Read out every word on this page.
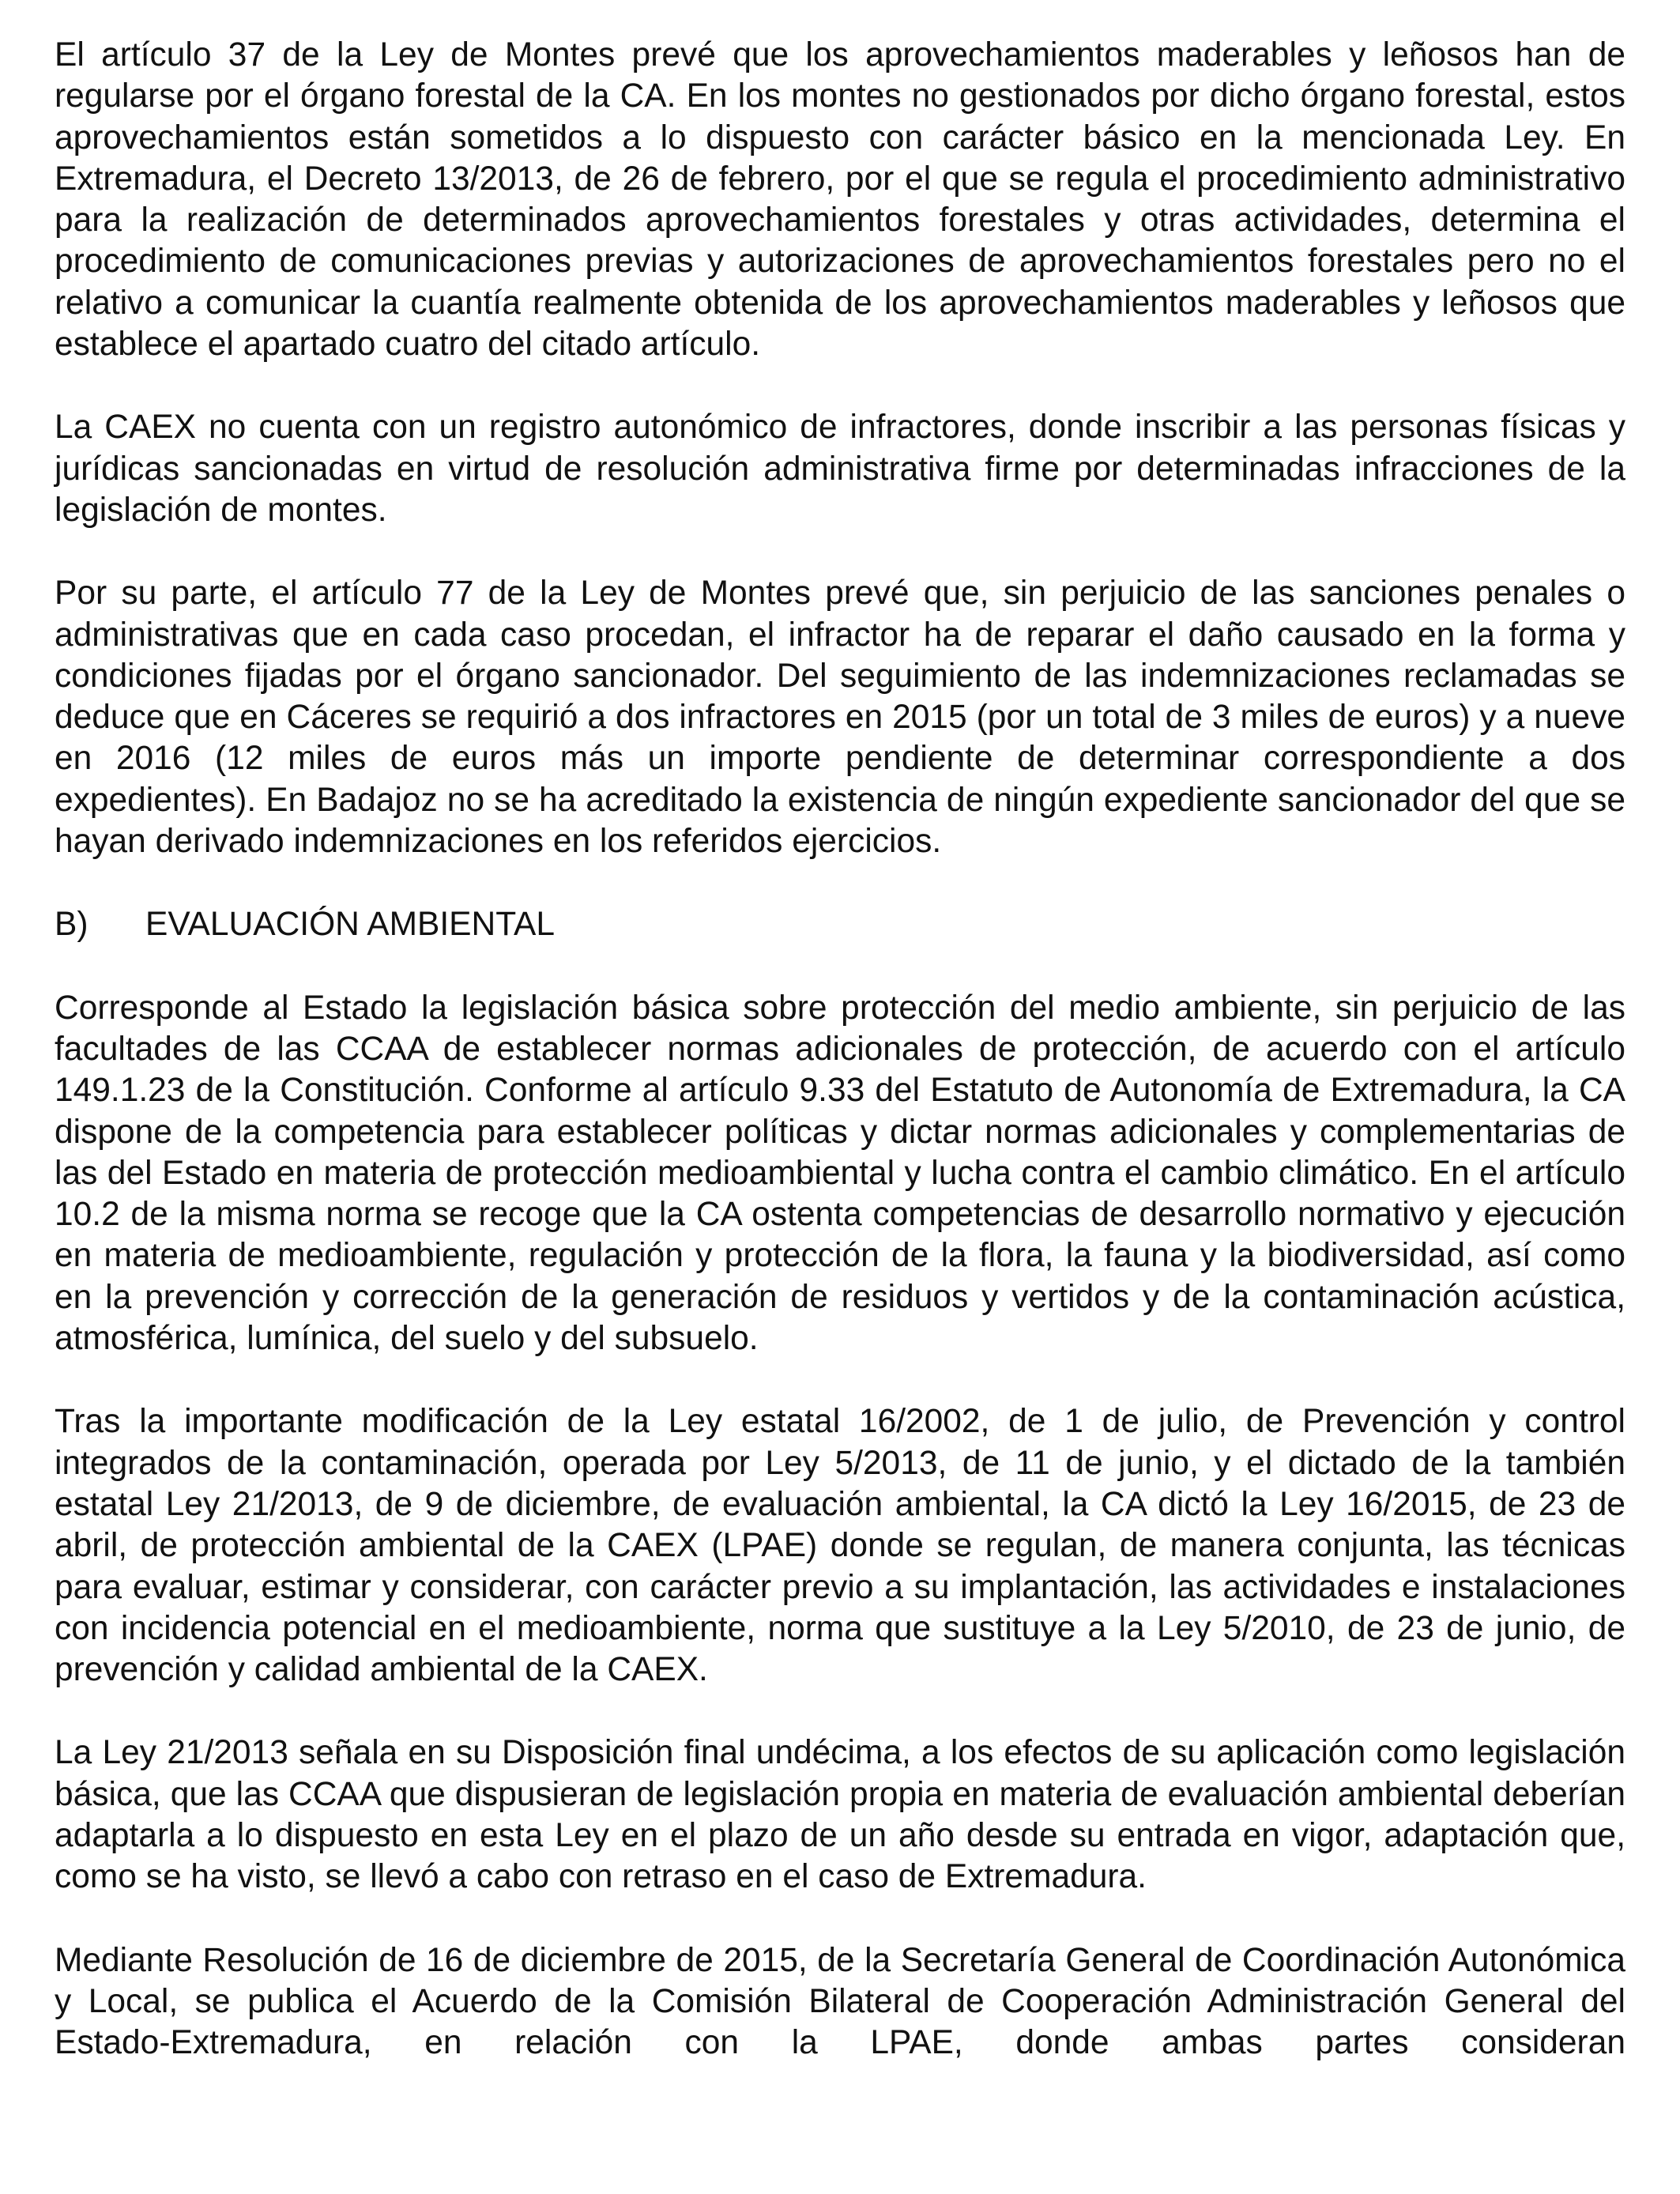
El artículo 37 de la Ley de Montes prevé que los aprovechamientos maderables y leñosos han de regularse por el órgano forestal de la CA. En los montes no gestionados por dicho órgano forestal, estos aprovechamientos están sometidos a lo dispuesto con carácter básico en la mencionada Ley. En Extremadura, el Decreto 13/2013, de 26 de febrero, por el que se regula el procedimiento administrativo para la realización de determinados aprovechamientos forestales y otras actividades, determina el procedimiento de comunicaciones previas y autorizaciones de aprovechamientos forestales pero no el relativo a comunicar la cuantía realmente obtenida de los aprovechamientos maderables y leñosos que establece el apartado cuatro del citado artículo.

La CAEX no cuenta con un registro autonómico de infractores, donde inscribir a las personas físicas y jurídicas sancionadas en virtud de resolución administrativa firme por determinadas infracciones de la legislación de montes.

Por su parte, el artículo 77 de la Ley de Montes prevé que, sin perjuicio de las sanciones penales o administrativas que en cada caso procedan, el infractor ha de reparar el daño causado en la forma y condiciones fijadas por el órgano sancionador. Del seguimiento de las indemnizaciones reclamadas se deduce que en Cáceres se requirió a dos infractores en 2015 (por un total de 3 miles de euros) y a nueve en 2016 (12 miles de euros más un importe pendiente de determinar correspondiente a dos expedientes). En Badajoz no se ha acreditado la existencia de ningún expediente sancionador del que se hayan derivado indemnizaciones en los referidos ejercicios.

B)	EVALUACIÓN AMBIENTAL

Corresponde al Estado la legislación básica sobre protección del medio ambiente, sin perjuicio de las facultades de las CCAA de establecer normas adicionales de protección, de acuerdo con el artículo 149.1.23 de la Constitución. Conforme al artículo 9.33 del Estatuto de Autonomía de Extremadura, la CA dispone de la competencia para establecer políticas y dictar normas adicionales y complementarias de las del Estado en materia de protección medioambiental y lucha contra el cambio climático. En el artículo 10.2 de la misma norma se recoge que la CA ostenta competencias de desarrollo normativo y ejecución en materia de medioambiente, regulación y protección de la flora, la fauna y la biodiversidad, así como en la prevención y corrección de la generación de residuos y vertidos y de la contaminación acústica, atmosférica, lumínica, del suelo y del subsuelo.

Tras la importante modificación de la Ley estatal 16/2002, de 1 de julio, de Prevención y control integrados de la contaminación, operada por Ley 5/2013, de 11 de junio, y el dictado de la también estatal Ley 21/2013, de 9 de diciembre, de evaluación ambiental, la CA dictó la Ley 16/2015, de 23 de abril, de protección ambiental de la CAEX (LPAE) donde se regulan, de manera conjunta, las técnicas para evaluar, estimar y considerar, con carácter previo a su implantación, las actividades e instalaciones con incidencia potencial en el medioambiente, norma que sustituye a la Ley 5/2010, de 23 de junio, de prevención y calidad ambiental de la CAEX.

La Ley 21/2013 señala en su Disposición final undécima, a los efectos de su aplicación como legislación básica, que las CCAA que dispusieran de legislación propia en materia de evaluación ambiental deberían adaptarla a lo dispuesto en esta Ley en el plazo de un año desde su entrada en vigor, adaptación que, como se ha visto, se llevó a cabo con retraso en el caso de Extremadura.

Mediante Resolución de 16 de diciembre de 2015, de la Secretaría General de Coordinación Autonómica y Local, se publica el Acuerdo de la Comisión Bilateral de Cooperación Administración General del Estado-Extremadura, en relación con la LPAE, donde ambas partes consideran
